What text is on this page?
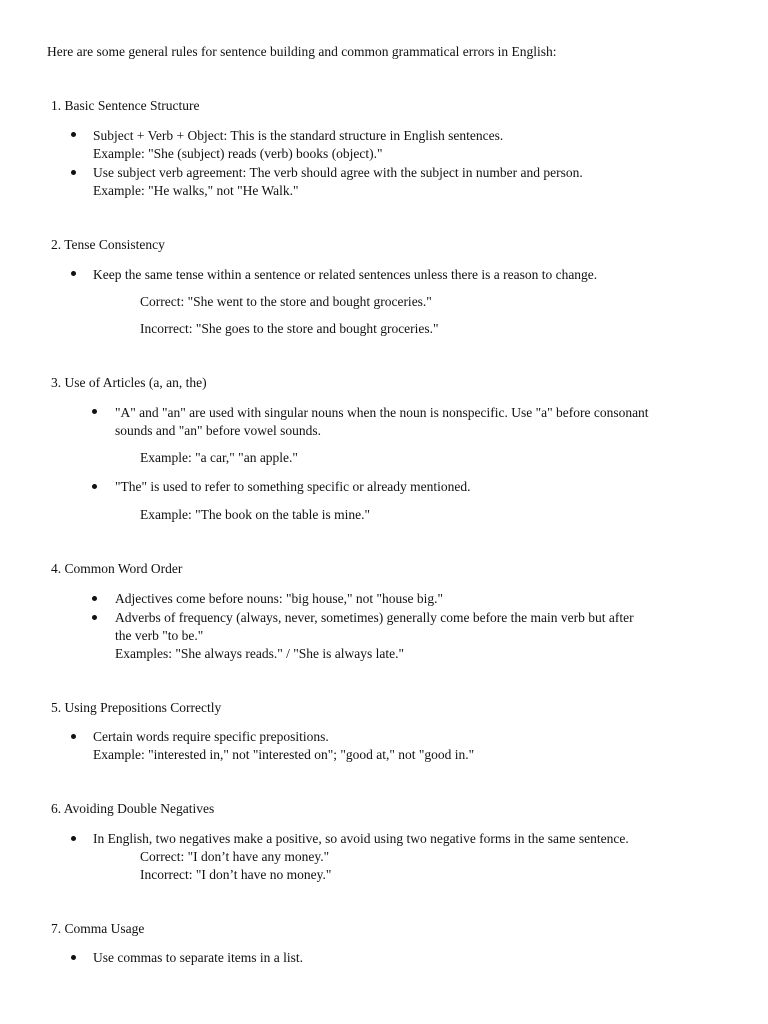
Here are some general rules for sentence building and common grammatical errors in English:
1. Basic Sentence Structure
Subject + Verb + Object: This is the standard structure in English sentences.
Example: "She (subject) reads (verb) books (object)."
Use subject verb agreement: The verb should agree with the subject in number and person.
Example: "He walks," not "He Walk."
2. Tense Consistency
Keep the same tense within a sentence or related sentences unless there is a reason to change.
Correct: "She went to the store and bought groceries."
Incorrect: "She goes to the store and bought groceries."
3. Use of Articles (a, an, the)
"A" and "an" are used with singular nouns when the noun is nonspecific. Use "a" before consonant
sounds and "an" before vowel sounds.
Example: "a car," "an apple."
"The" is used to refer to something specific or already mentioned.
Example: "The book on the table is mine."
4. Common Word Order
Adjectives come before nouns: "big house," not "house big."
Adverbs of frequency (always, never, sometimes) generally come before the main verb but after
the verb "to be."
Examples: "She always reads." / "She is always late."
5. Using Prepositions Correctly
Certain words require specific prepositions.
Example: "interested in," not "interested on"; "good at," not "good in."
6. Avoiding Double Negatives
In English, two negatives make a positive, so avoid using two negative forms in the same sentence.
Correct: "I don’t have any money."
Incorrect: "I don’t have no money."
7. Comma Usage
Use commas to separate items in a list.
